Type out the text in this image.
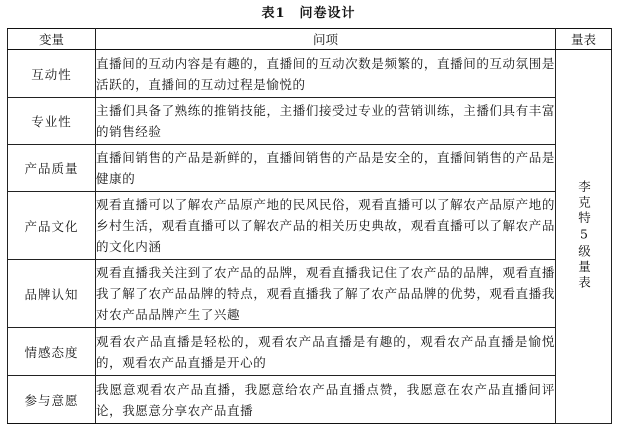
表1 问卷设计
变量	问项	量表
互动性	直播间的互动内容是有趣的，直播间的互动次数是频繁的，直播间的互动氛围是活跃的，直播间的互动过程是愉悦的	李克特5级量表
专业性	主播们具备了熟练的推销技能，主播们接受过专业的营销训练，主播们具有丰富的销售经验	
产品质量	直播间销售的产品是新鲜的，直播间销售的产品是安全的，直播间销售的产品是健康的	
产品文化	观看直播可以了解农产品原产地的民风民俗，观看直播可以了解农产品原产地的乡村生活，观看直播可以了解农产品的相关历史典故，观看直播可以了解农产品的文化内涵	
品牌认知	观看直播我关注到了农产品的品牌，观看直播我记住了农产品的品牌，观看直播我了解了农产品品牌的特点，观看直播我了解了农产品品牌的优势，观看直播我对农产品品牌产生了兴趣	
情感态度	观看农产品直播是轻松的，观看农产品直播是有趣的，观看农产品直播是愉悦的，观看农产品直播是开心的	
参与意愿	我愿意观看农产品直播，我愿意给农产品直播点赞，我愿意在农产品直播间评论，我愿意分享农产品直播	
